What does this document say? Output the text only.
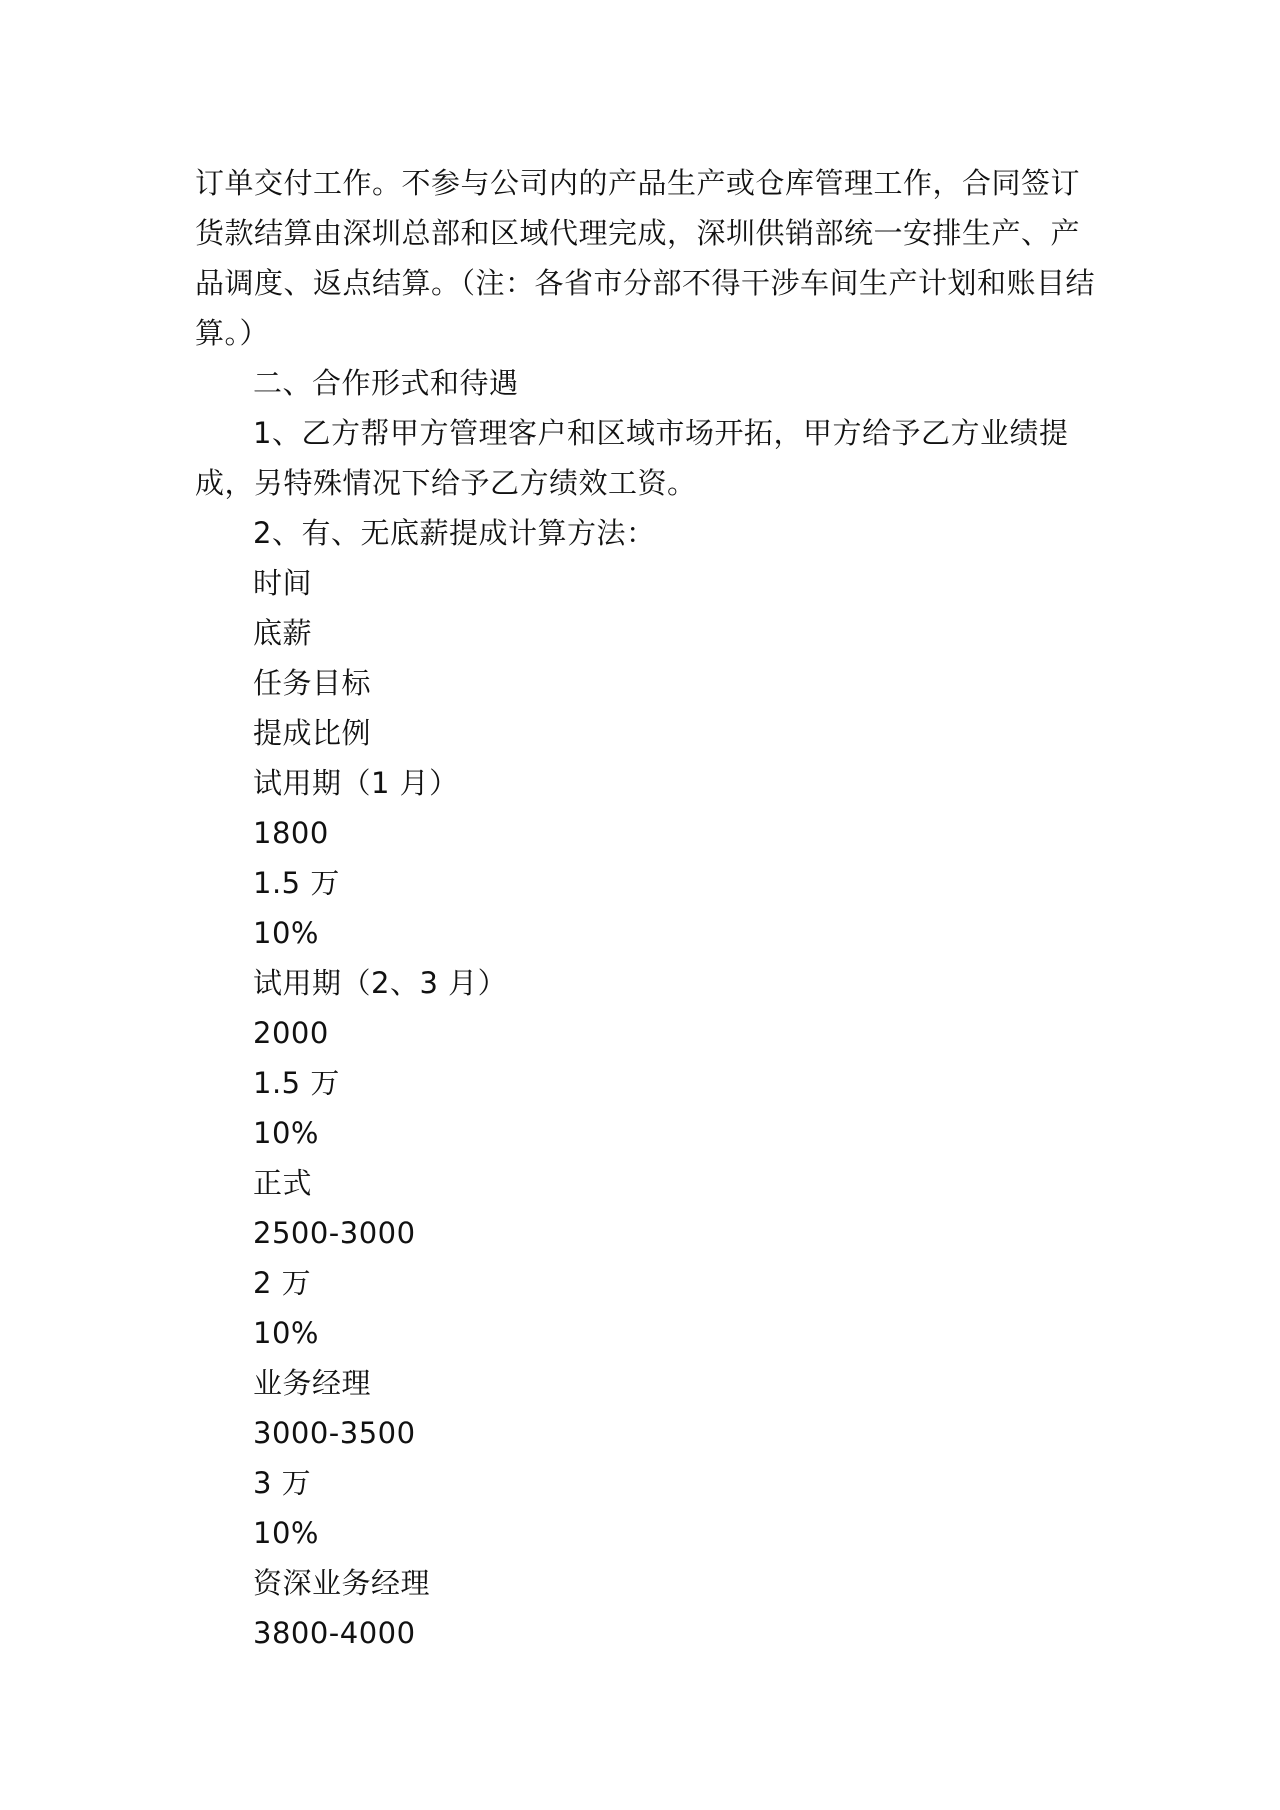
订单交付工作。不参与公司内的产品生产或仓库管理工作，合同签订货款结算由深圳总部和区域代理完成，深圳供销部统一安排生产、产品调度、返点结算。（注：各省市分部不得干涉车间生产计划和账目结算。）

二、合作形式和待遇

1、乙方帮甲方管理客户和区域市场开拓，甲方给予乙方业绩提成，另特殊情况下给予乙方绩效工资。

2、有、无底薪提成计算方法：

时间
底薪
任务目标
提成比例
试用期（1 月）
1800
1.5 万
10%
试用期（2、3 月）
2000
1.5 万
10%
正式
2500-3000
2 万
10%
业务经理
3000-3500
3 万
10%
资深业务经理
3800-4000
